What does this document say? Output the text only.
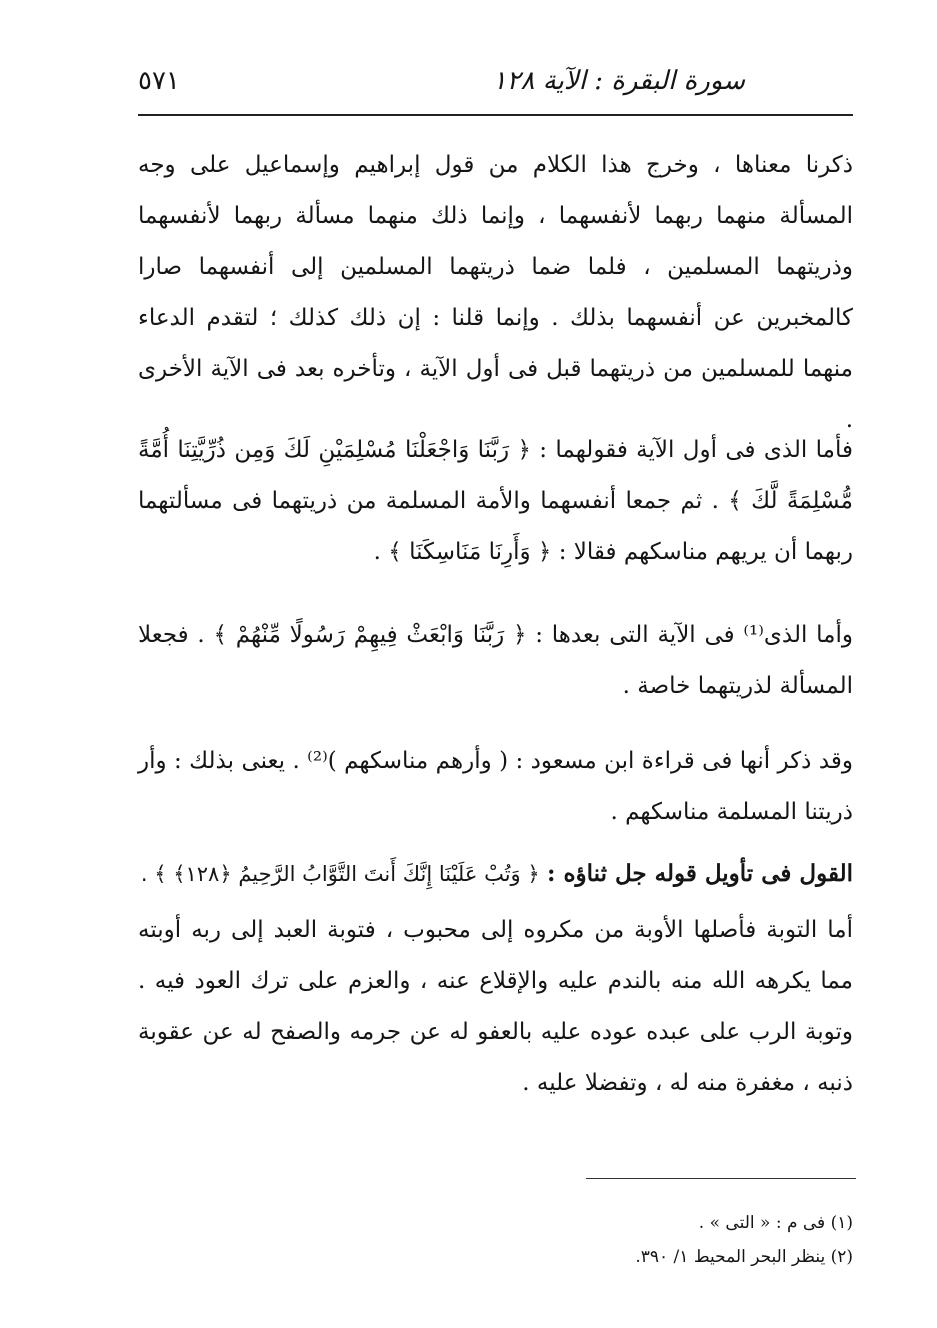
سورة البقرة : الآية ١٢٨
٥٧١

ذكرنا معناها ، وخرج هذا الكلام من قول إبراهيم وإسماعيل على وجه المسألة منهما ربهما لأنفسهما ، وإنما ذلك منهما مسألة ربهما لأنفسهما وذريتهما المسلمين ، فلما ضما ذريتهما المسلمين إلى أنفسهما صارا كالمخبرين عن أنفسهما بذلك . وإنما قلنا : إن ذلك كذلك ؛ لتقدم الدعاء منهما للمسلمين من ذريتهما قبل فى أول الآية ، وتأخره بعد فى الآية الأخرى .

فأما الذى فى أول الآية فقولهما : ﴿ رَبَّنَا وَاجْعَلْنَا مُسْلِمَيْنِ لَكَ وَمِن ذُرِّيَّتِنَا أُمَّةً مُّسْلِمَةً لَّكَ ﴾ . ثم جمعا أنفسهما والأمة المسلمة من ذريتهما فى مسألتهما ربهما أن يريهم مناسكهم فقالا : ﴿ وَأَرِنَا مَنَاسِكَنَا ﴾ .

وأما الذى⁽¹⁾ فى الآية التى بعدها : ﴿ رَبَّنَا وَابْعَثْ فِيهِمْ رَسُولًا مِّنْهُمْ ﴾ . فجعلا المسألة لذريتهما خاصة .

وقد ذكر أنها فى قراءة ابن مسعود : ( وأرهم مناسكهم )⁽²⁾ . يعنى بذلك : وأر ذريتنا المسلمة مناسكهم .

القول فى تأويل قوله جل ثناؤه : ﴿ وَتُبْ عَلَيْنَا إِنَّكَ أَنتَ التَّوَّابُ الرَّحِيمُ ﴿١٢٨﴾ ﴾ .

أما التوبة فأصلها الأوبة من مكروه إلى محبوب ، فتوبة العبد إلى ربه أوبته مما يكرهه الله منه بالندم عليه والإقلاع عنه ، والعزم على ترك العود فيه . وتوبة الرب على عبده عوده عليه بالعفو له عن جرمه والصفح له عن عقوبة ذنبه ، مغفرة منه له ، وتفضلا عليه .

(١) فى م : « التى » .
(٢) ينظر البحر المحيط ١/ ٣٩٠.
